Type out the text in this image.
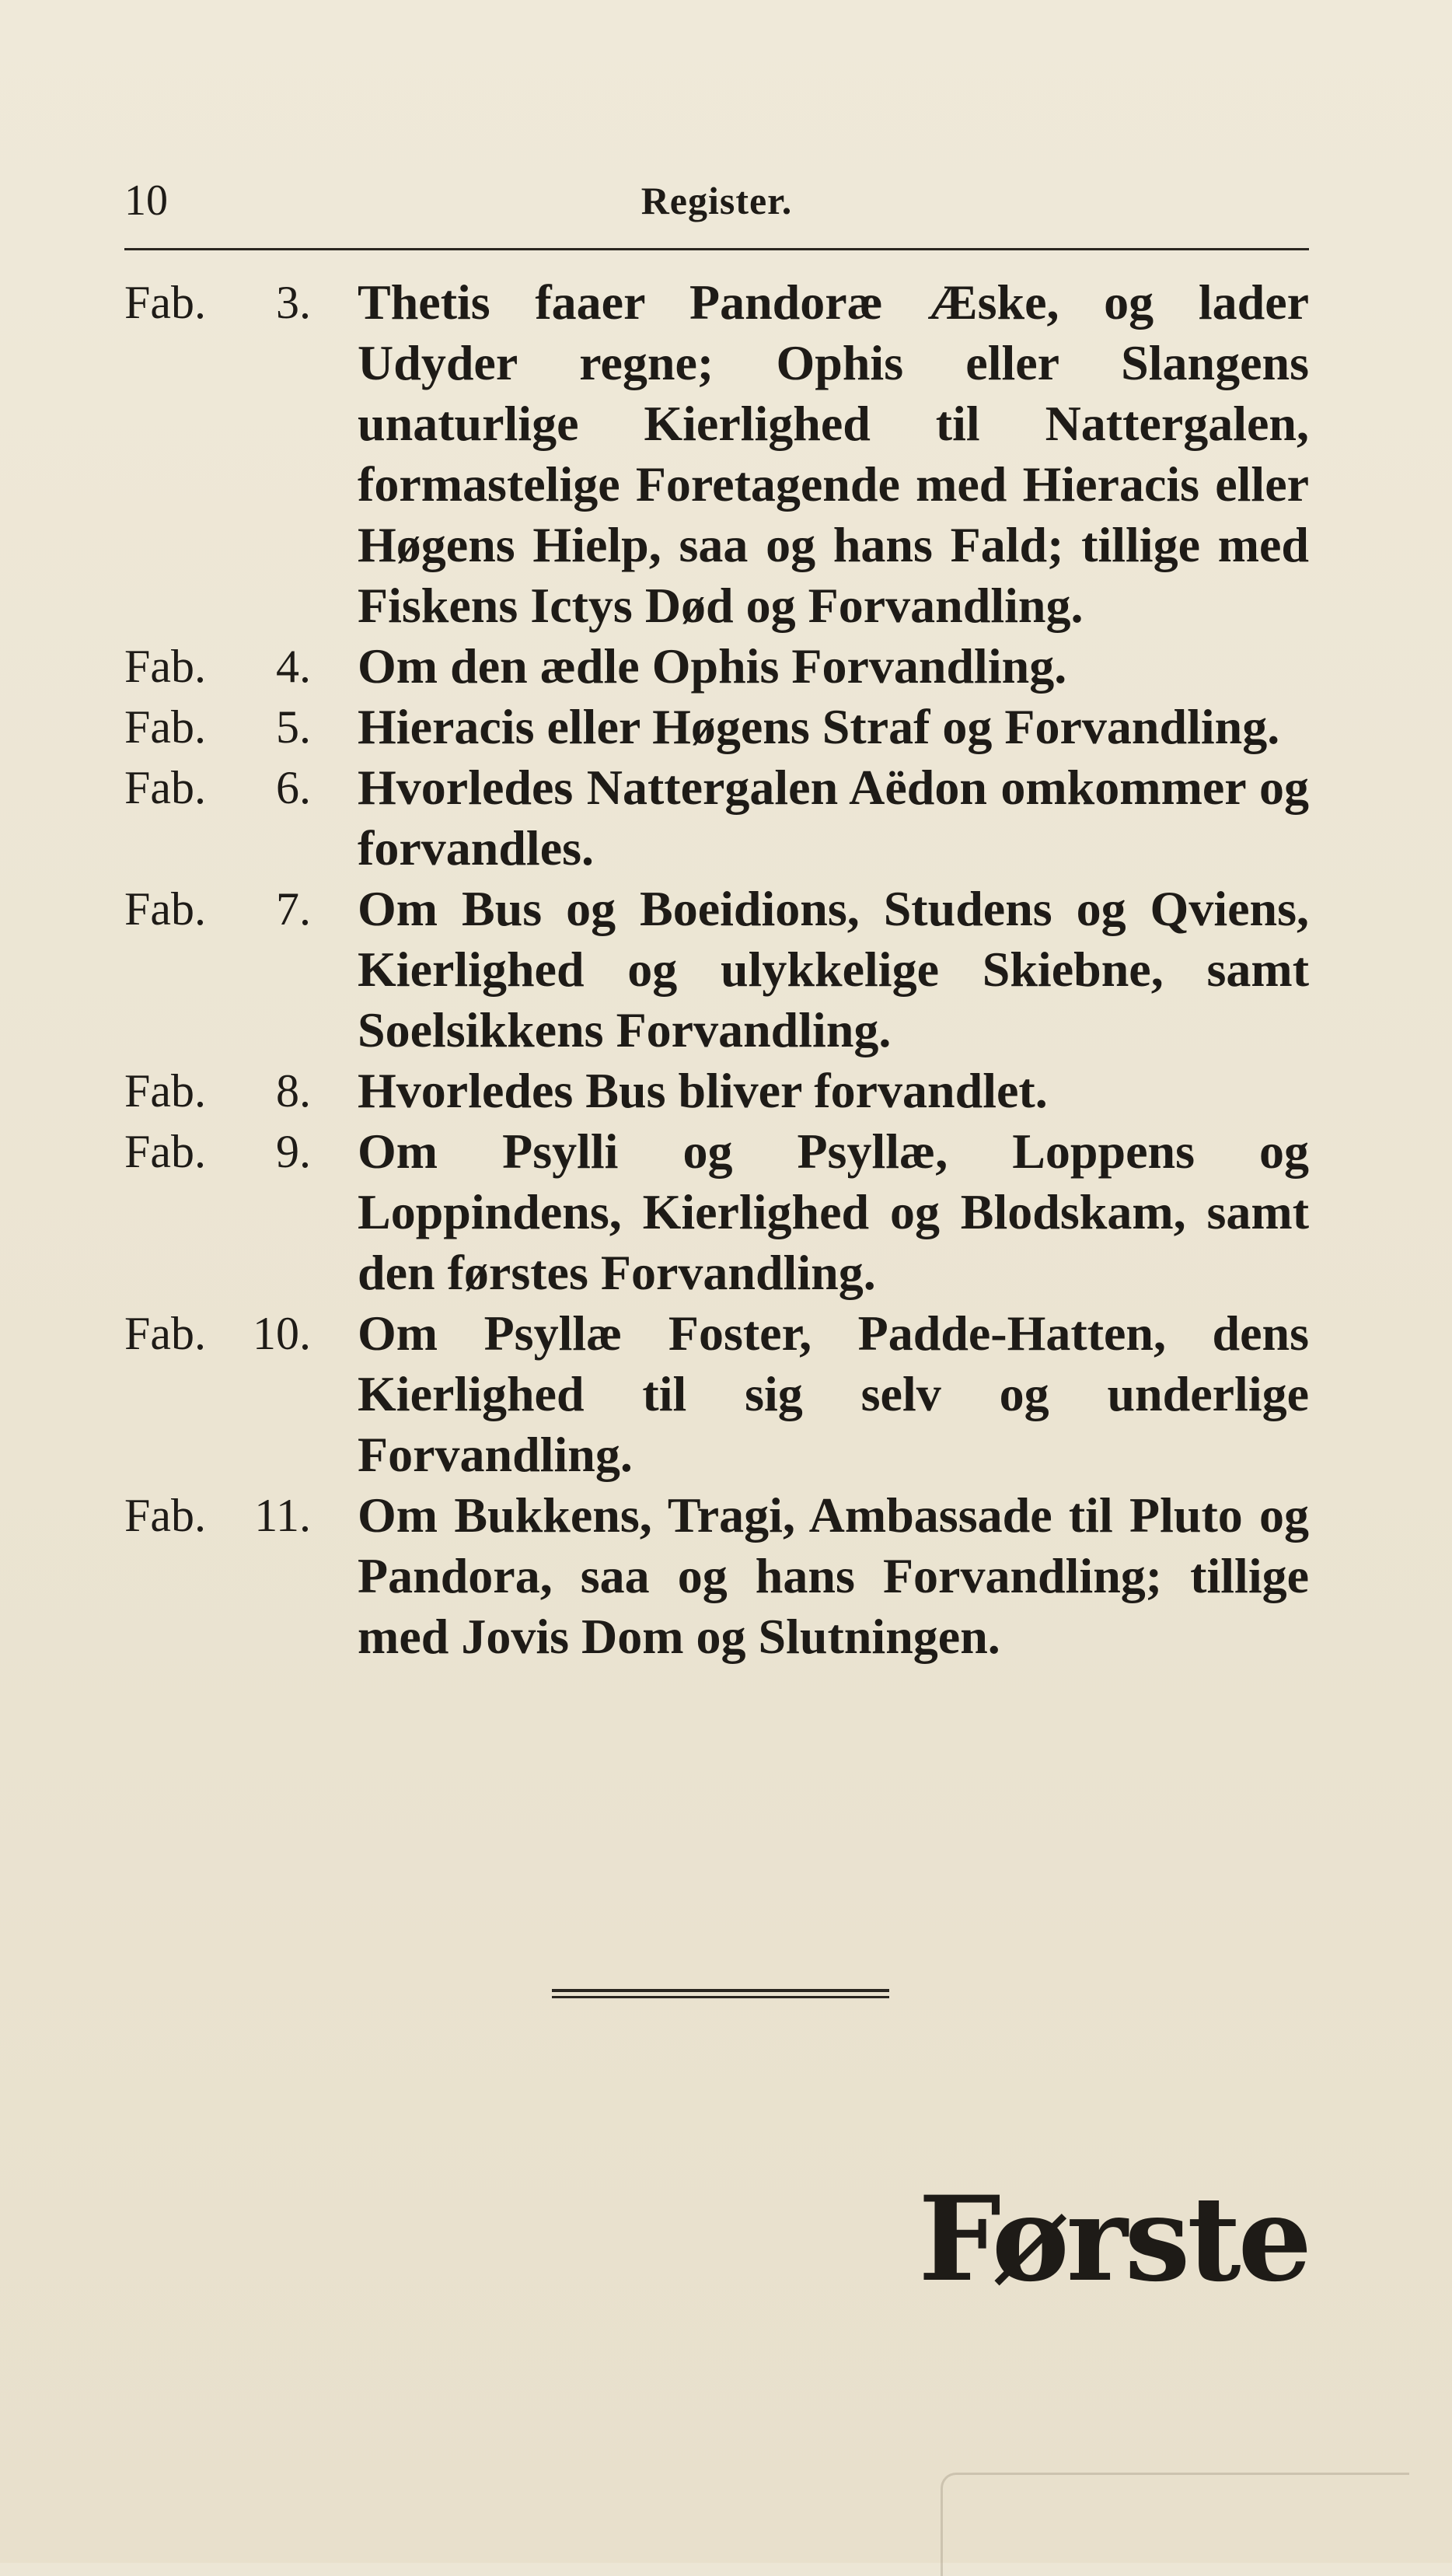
10	Register.
Fab.	3. Thetis faaer Pandoræ Æske, og lader Udyder regne; Ophis eller Slangens unaturlige Kierlighed til Nattergalen, formastelige Foretagende med Hieracis eller Høgens Hielp, saa og hans Fald; tillige med Fiskens Ictys Død og Forvandling.
Fab.	4. Om den ædle Ophis Forvandling.
Fab.	5. Hieracis eller Høgens Straf og Forvandling.
Fab.	6. Hvorledes Nattergalen Aëdon omkommer og forvandles.
Fab.	7. Om Bus og Boeidions, Studens og Qviens, Kierlighed og ulykkelige Skiebne, samt Soelsikkens Forvandling.
Fab.	8. Hvorledes Bus bliver forvandlet.
Fab.	9. Om Psylli og Psyllæ, Loppens og Loppindens, Kierlighed og Blodskam, samt den førstes Forvandling.
Fab.	10. Om Psyllæ Foster, Padde-Hatten, dens Kierlighed til sig selv og underlige Forvandling.
Fab.	11. Om Bukkens, Tragi, Ambassade til Pluto og Pandora, saa og hans Forvandling; tillige med Jovis Dom og Slutningen.
Første
